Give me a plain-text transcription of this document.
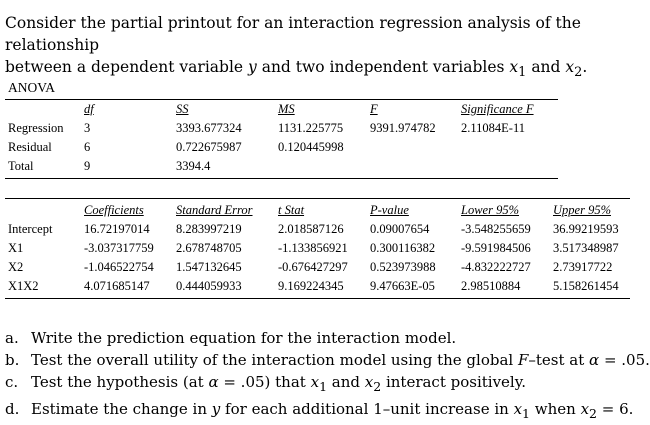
Consider the partial printout for an interaction regression analysis of the relationship
between a dependent variable y and two independent variables $x_1$ and $x_2$.
ANOVA
	df	SS	MS	F	Significance F
Regression	3	3393.677324	1131.225775	9391.974782	2.11084E-11
Residual	6	0.722675987	0.120445998		
Total	9	3394.4			
	Coefficients	Standard Error	t Stat	P-value	Lower 95%	Upper 95%
Intercept	16.72197014	8.283997219	2.018587126	0.09007654	-3.548255659	36.99219593
X1	-3.037317759	2.678748705	-1.133856921	0.300116382	-9.591984506	3.517348987
X2	-1.046522754	1.547132645	-0.676427297	0.523973988	-4.832222727	2.73917722
X1X2	4.071685147	0.444059933	9.169224345	9.47663E-05	2.98510884	5.158261454
a. Write the prediction equation for the interaction model.
b. Test the overall utility of the interaction model using the global F–test at α = .05.
c. Test the hypothesis (at α = .05) that $x_1$ and $x_2$ interact positively.
d. Estimate the change in y for each additional 1–unit increase in $x_1$ when $x_2 = 6$.
